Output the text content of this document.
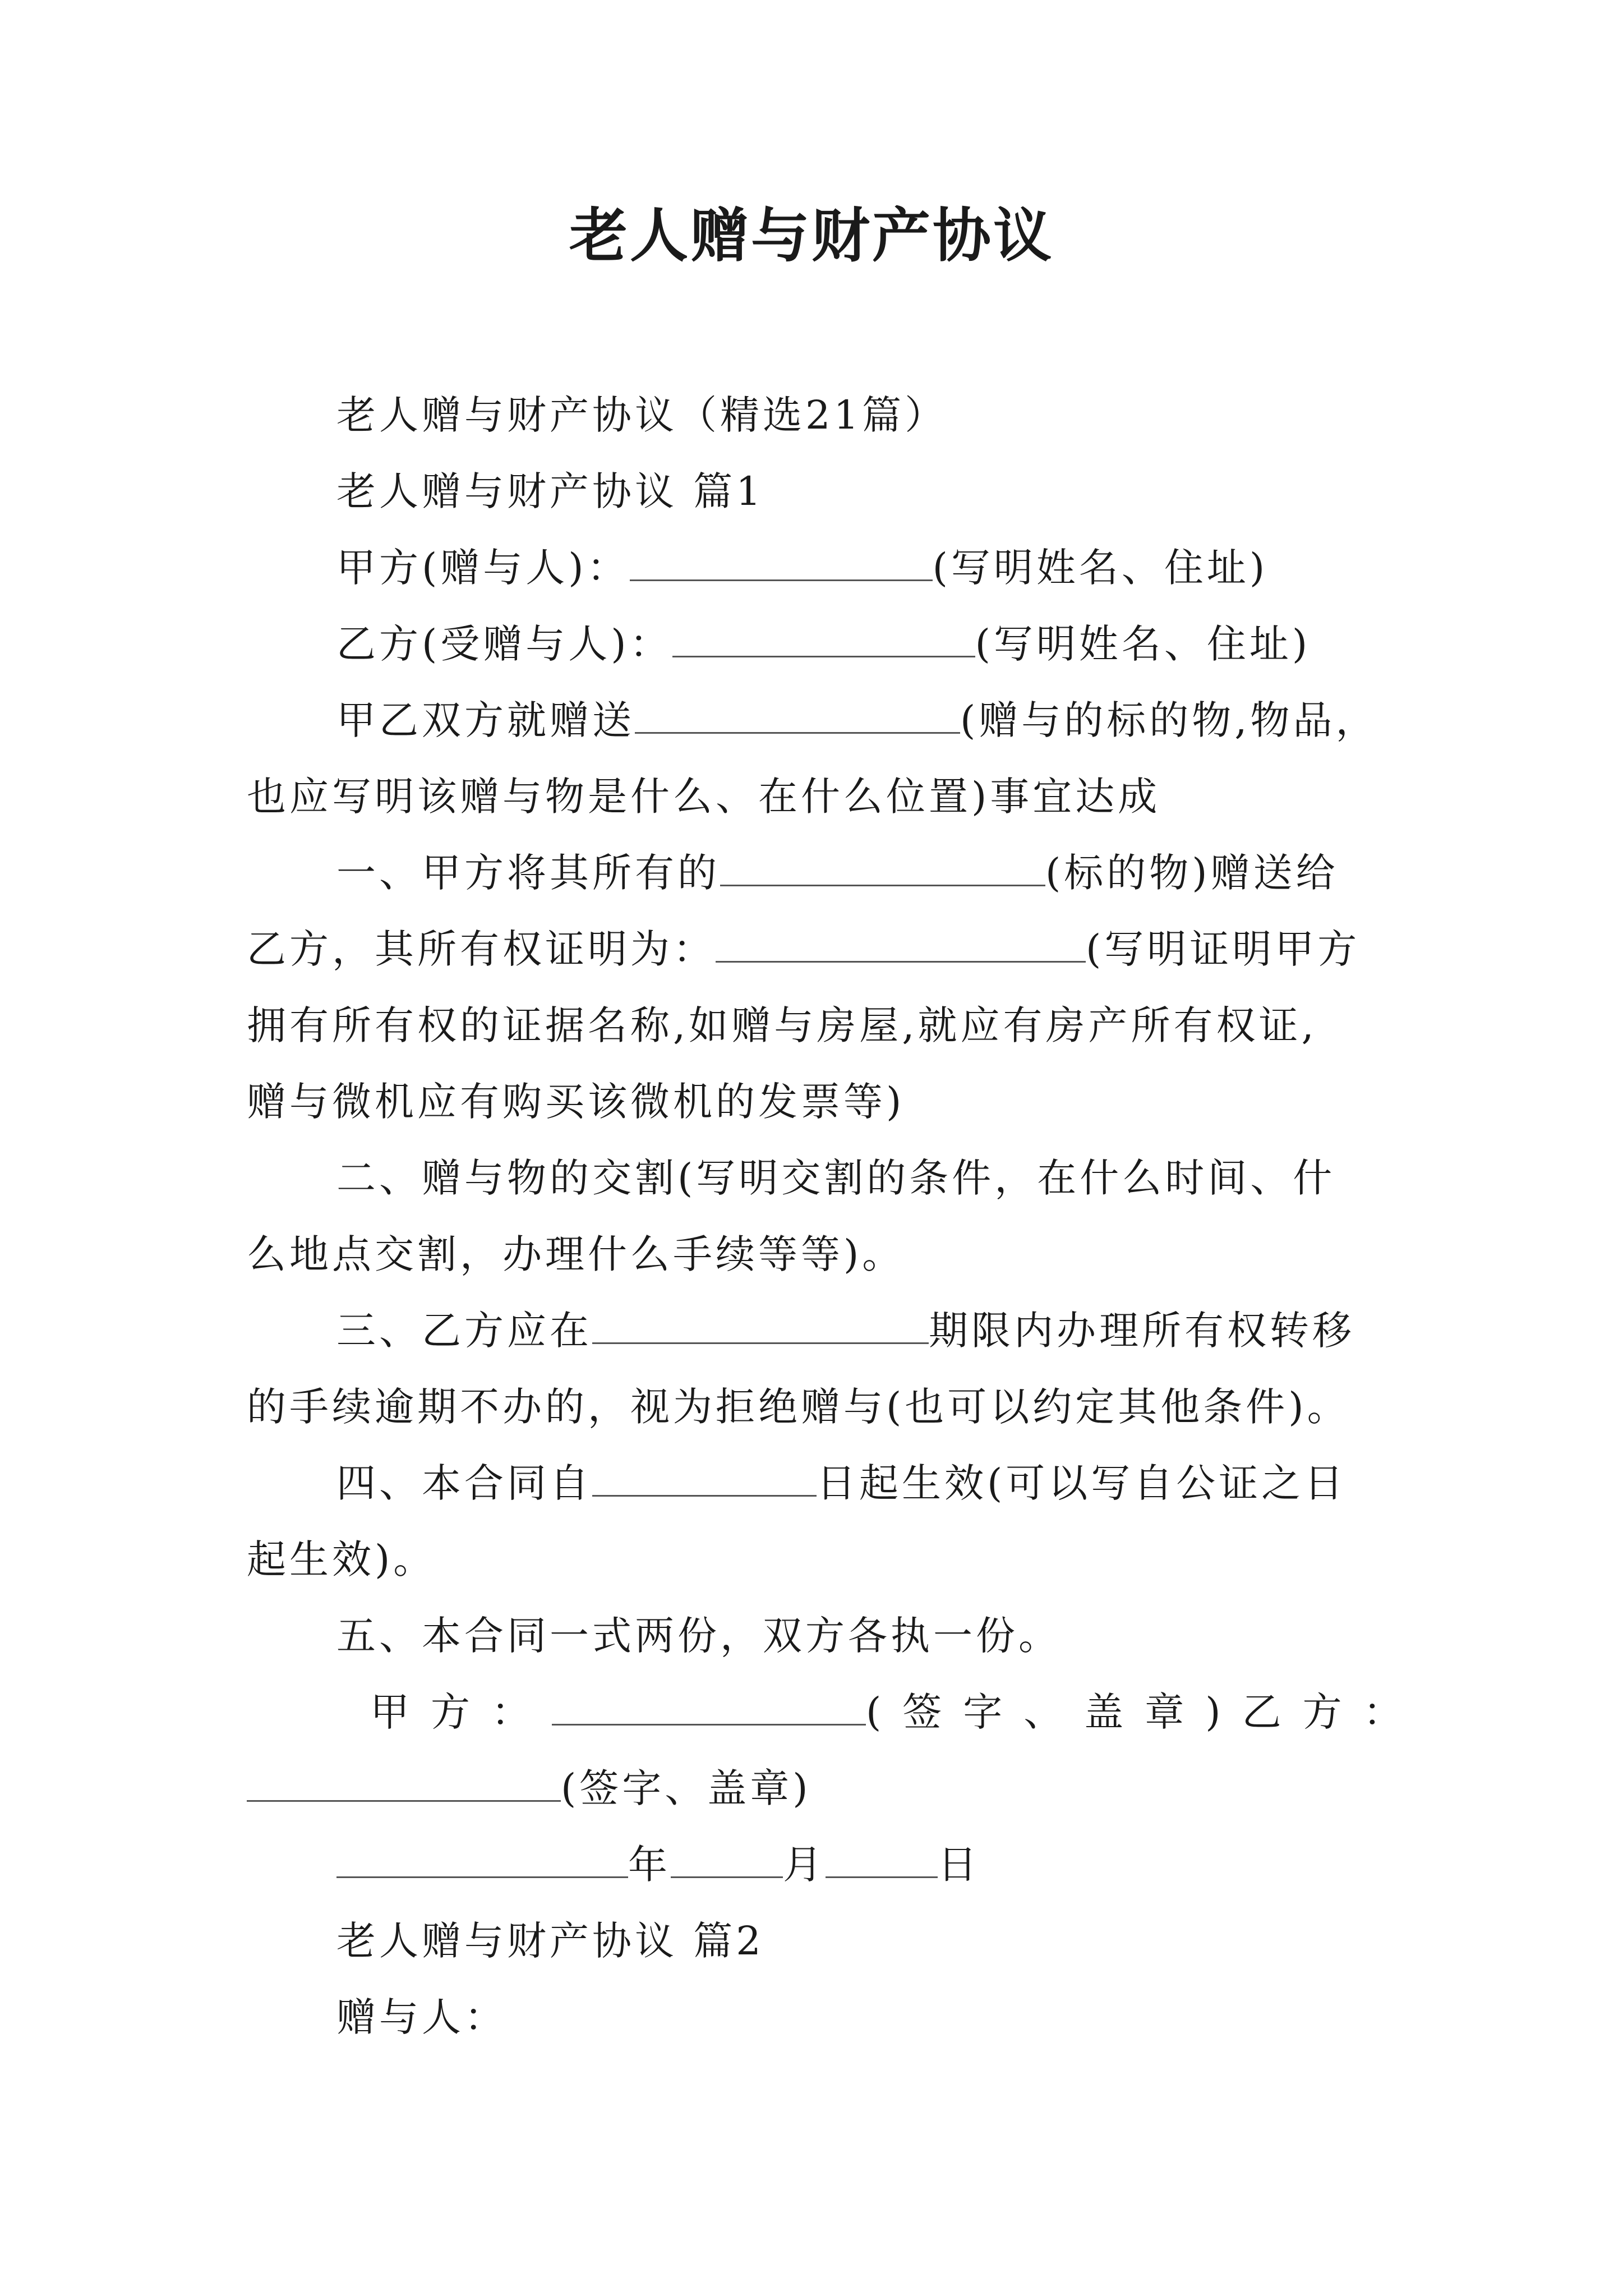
老人赠与财产协议
老人赠与财产协议（精选21篇）
老人赠与财产协议 篇1
甲方(赠与人)：	(写明姓名、住址)
乙方(受赠与人)：	(写明姓名、住址)
甲乙双方就赠送	(赠与的标的物,物品，
也应写明该赠与物是什么、在什么位置)事宜达成
一、甲方将其所有的	(标的物)赠送给
乙方，其所有权证明为：	(写明证明甲方
拥有所有权的证据名称,如赠与房屋,就应有房产所有权证,
赠与微机应有购买该微机的发票等)
二、赠与物的交割(写明交割的条件，在什么时间、什
么地点交割，办理什么手续等等)。
三、乙方应在	期限内办理所有权转移
的手续逾期不办的，视为拒绝赠与(也可以约定其他条件)。
四、本合同自	日起生效(可以写自公证之日
起生效)。
五、本合同一式两份，双方各执一份。
甲方：	(签字、盖章)乙方：
(签字、盖章)
年	月	日
老人赠与财产协议 篇2
赠与人：
